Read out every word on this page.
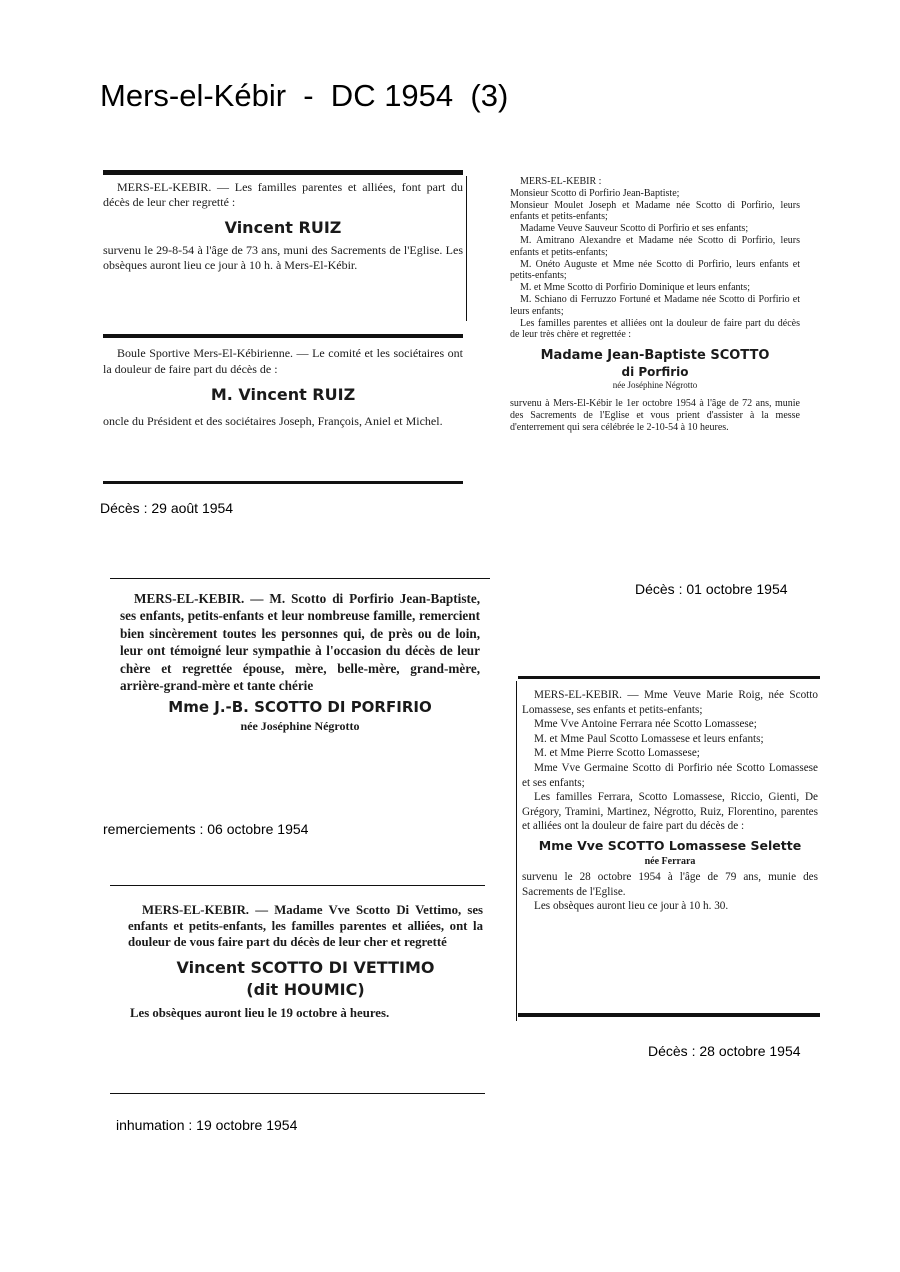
Mers-el-Kébir  -  DC 1954  (3)

MERS-EL-KEBIR. — Les familles parentes et alliées, font part du décès de leur cher regretté :

Vincent RUIZ

survenu le 29-8-54 à l'âge de 73 ans, muni des Sacrements de l'Eglise. Les obsèques auront lieu ce jour à 10 h. à Mers-El-Kébir.

Boule Sportive Mers-El-Kébirienne. — Le comité et les sociétaires ont la douleur de faire part du décès de :

M. Vincent RUIZ

oncle du Président et des sociétaires Joseph, François, Aniel et Michel.

Décès : 29 août 1954

MERS-EL-KEBIR :

Monsieur Scotto di Porfirio Jean-Baptiste;

Monsieur Moulet Joseph et Madame née Scotto di Porfirio, leurs enfants et petits-enfants;

Madame Veuve Sauveur Scotto di Porfirio et ses enfants;

M. Amitrano Alexandre et Madame née Scotto di Porfirio, leurs enfants et petits-enfants;

M. Onéto Auguste et Mme née Scotto di Porfirio, leurs enfants et petits-enfants;

M. et Mme Scotto di Porfirio Dominique et leurs enfants;

M. Schiano di Ferruzzo Fortuné et Madame née Scotto di Porfirio et leurs enfants;

Les familles parentes et alliées ont la douleur de faire part du décès de leur très chère et regrettée :

Madame Jean-Baptiste SCOTTO

di Porfirio

née Joséphine Négrotto

survenu à Mers-El-Kébir le 1er octobre 1954 à l'âge de 72 ans, munie des Sacrements de l'Eglise et vous prient d'assister à la messe d'enterrement qui sera célébrée le 2-10-54 à 10 heures.

Décès : 01 octobre 1954

MERS-EL-KEBIR. — M. Scotto di Porfirio Jean-Baptiste, ses enfants, petits-enfants et leur nombreuse famille, remercient bien sincèrement toutes les personnes qui, de près ou de loin, leur ont témoigné leur sympathie à l'occasion du décès de leur chère et regrettée épouse, mère, belle-mère, grand-mère, arrière-grand-mère et tante chérie

Mme J.-B. SCOTTO DI PORFIRIO

née Joséphine Négrotto

remerciements : 06 octobre 1954

MERS-EL-KEBIR. — Mme Veuve Marie Roig, née Scotto Lomassese, ses enfants et petits-enfants;

Mme Vve Antoine Ferrara née Scotto Lomassese;

M. et Mme Paul Scotto Lomassese et leurs enfants;

M. et Mme Pierre Scotto Lomassese;

Mme Vve Germaine Scotto di Porfirio née Scotto Lomassese et ses enfants;

Les familles Ferrara, Scotto Lomassese, Riccio, Gienti, De Grégory, Tramini, Martinez, Négrotto, Ruiz, Florentino, parentes et alliées ont la douleur de faire part du décès de :

Mme Vve SCOTTO Lomassese Selette

née Ferrara

survenu le 28 octobre 1954 à l'âge de 79 ans, munie des Sacrements de l'Eglise.

Les obsèques auront lieu ce jour à 10 h. 30.

Décès : 28 octobre 1954

MERS-EL-KEBIR. — Madame Vve Scotto Di Vettimo, ses enfants et petits-enfants, les familles parentes et alliées, ont la douleur de vous faire part du décès de leur cher et regretté

Vincent SCOTTO DI VETTIMO

(dit HOUMIC)

Les obsèques auront lieu le 19 octobre à heures.

inhumation : 19 octobre 1954
